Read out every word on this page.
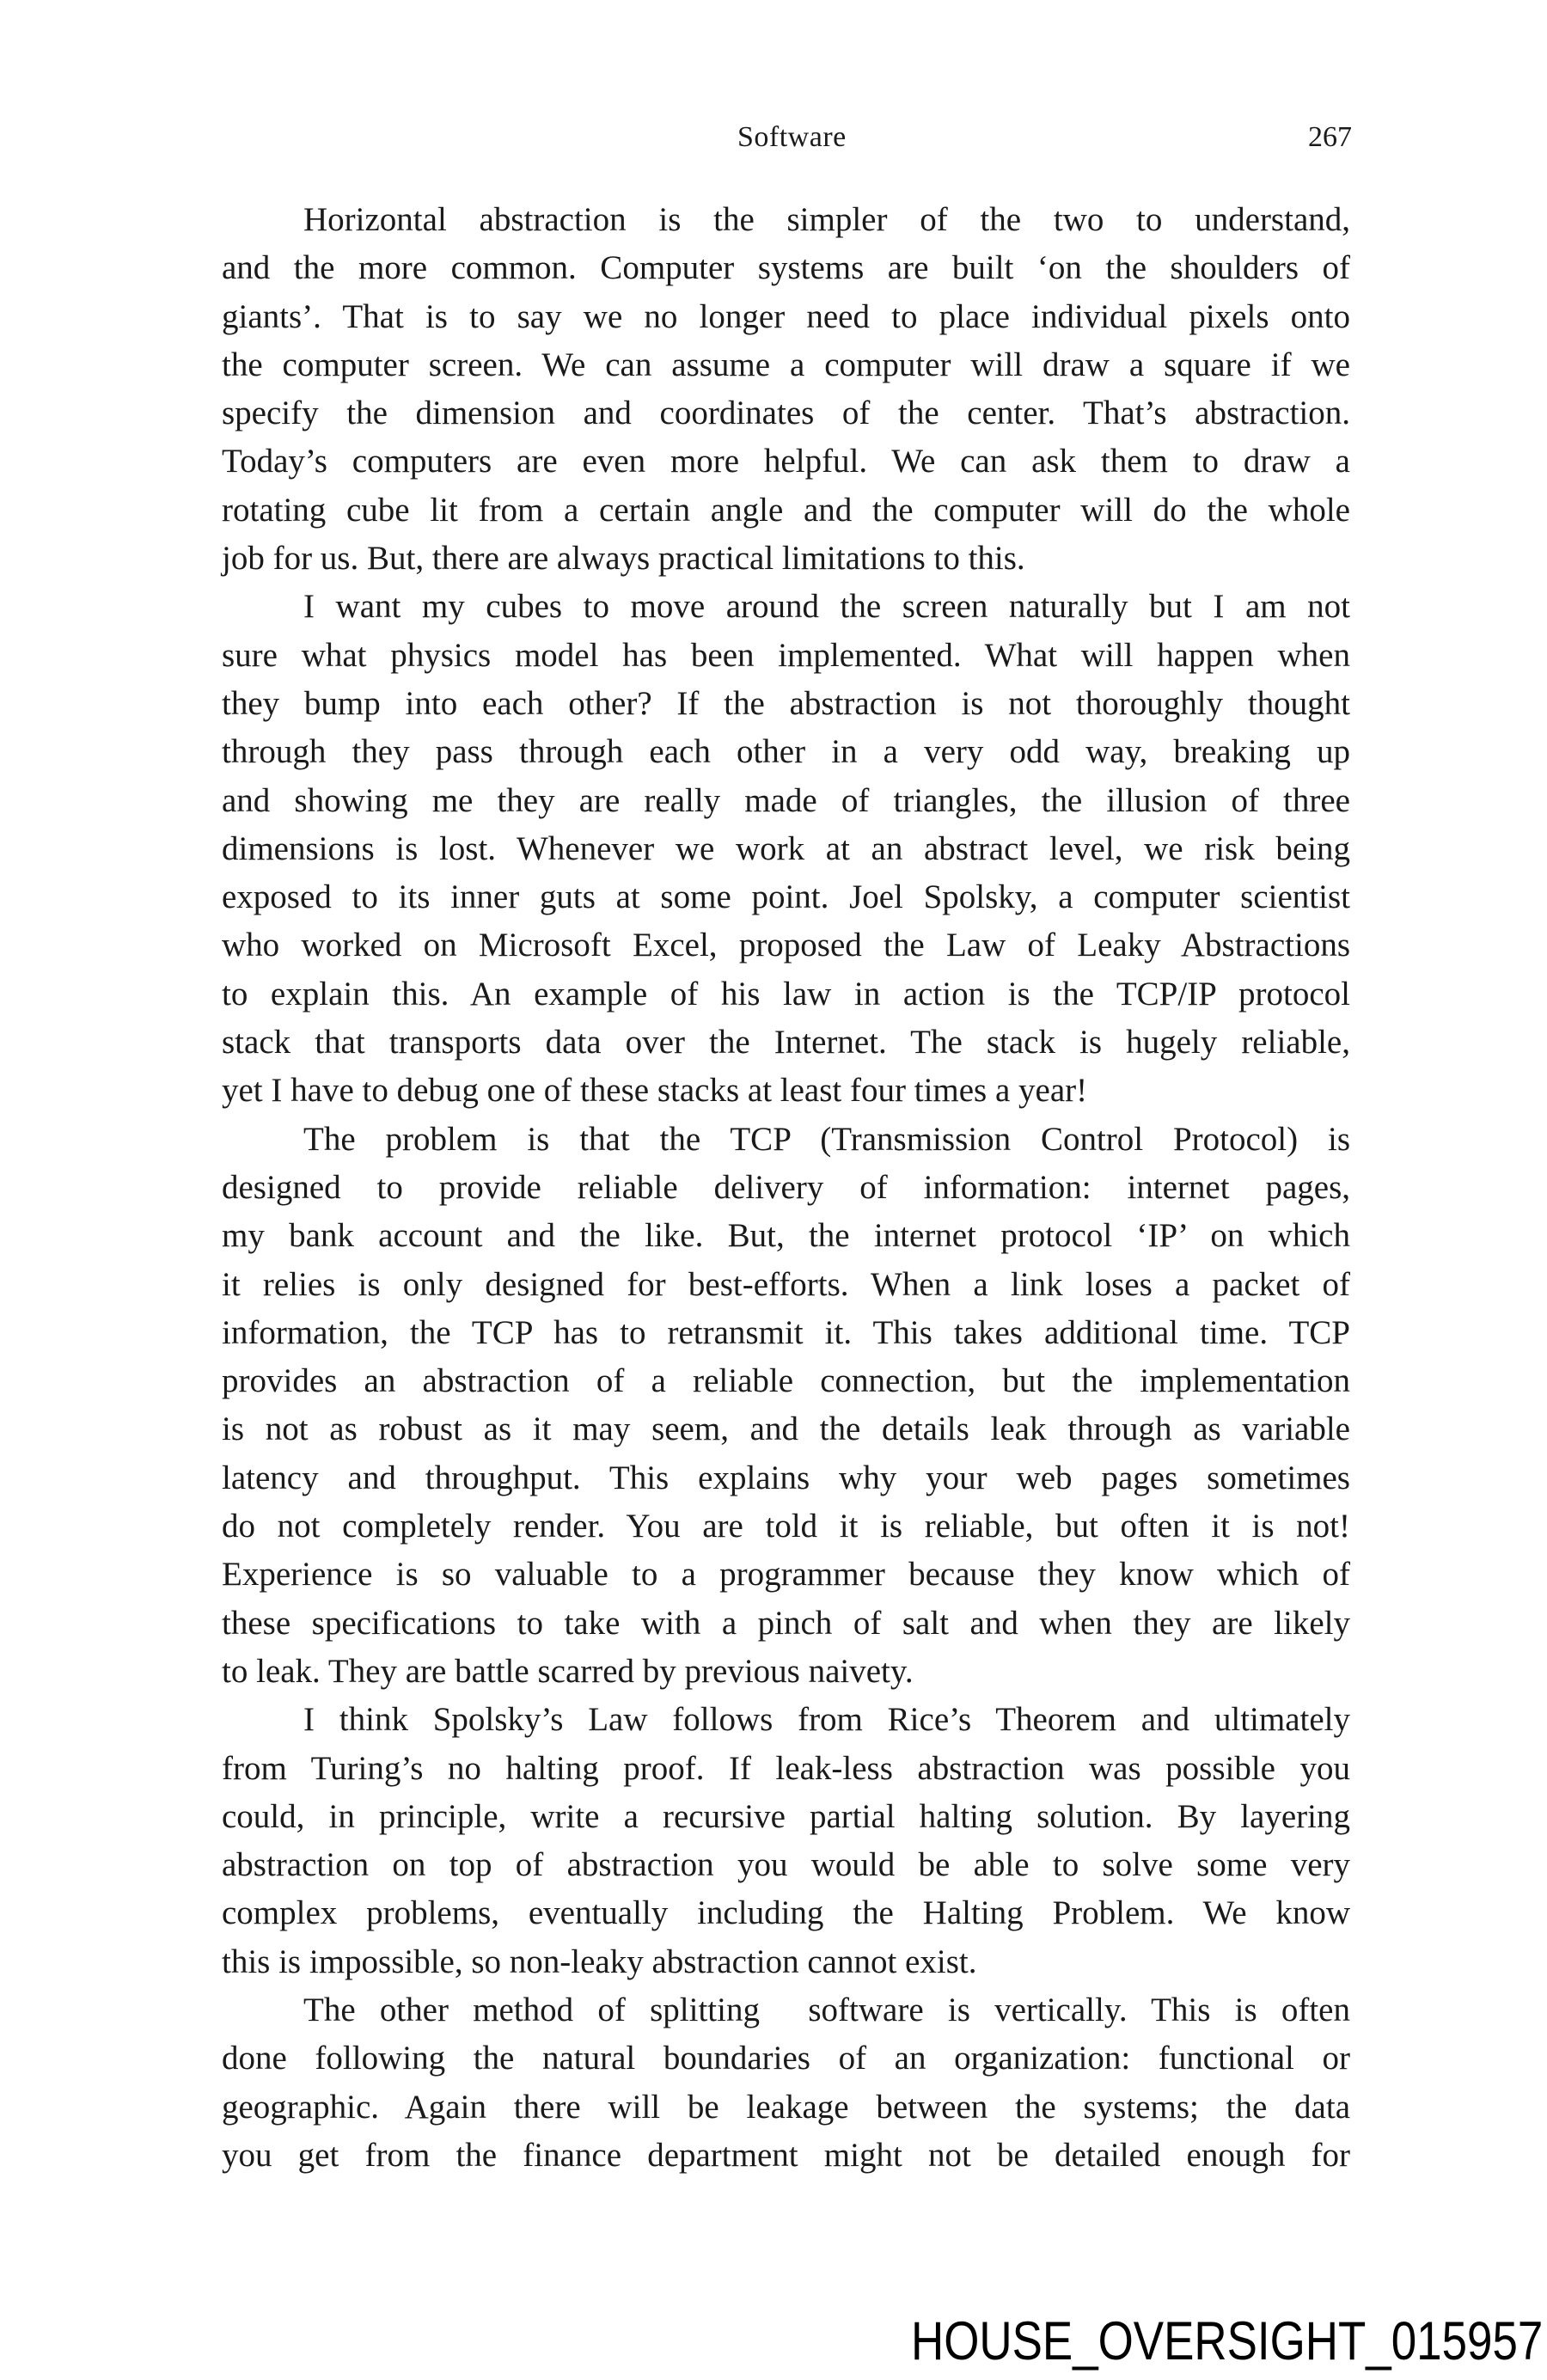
Software	267
Horizontal abstraction is the simpler of the two to understand,
and the more common. Computer systems are built ‘on the shoulders of
giants’. That is to say we no longer need to place individual pixels onto
the computer screen. We can assume a computer will draw a square if we
specify the dimension and coordinates of the center. That’s abstraction.
Today’s computers are even more helpful. We can ask them to draw a
rotating cube lit from a certain angle and the computer will do the whole
job for us. But, there are always practical limitations to this.
I want my cubes to move around the screen naturally but I am not
sure what physics model has been implemented. What will happen when
they bump into each other? If the abstraction is not thoroughly thought
through they pass through each other in a very odd way, breaking up
and showing me they are really made of triangles, the illusion of three
dimensions is lost. Whenever we work at an abstract level, we risk being
exposed to its inner guts at some point. Joel Spolsky, a computer scientist
who worked on Microsoft Excel, proposed the Law of Leaky Abstractions
to explain this. An example of his law in action is the TCP/IP protocol
stack that transports data over the Internet. The stack is hugely reliable,
yet I have to debug one of these stacks at least four times a year!
The problem is that the TCP (Transmission Control Protocol) is
designed to provide reliable delivery of information: internet pages,
my bank account and the like. But, the internet protocol ‘IP’ on which
it relies is only designed for best-efforts. When a link loses a packet of
information, the TCP has to retransmit it. This takes additional time. TCP
provides an abstraction of a reliable connection, but the implementation
is not as robust as it may seem, and the details leak through as variable
latency and throughput. This explains why your web pages sometimes
do not completely render. You are told it is reliable, but often it is not!
Experience is so valuable to a programmer because they know which of
these specifications to take with a pinch of salt and when they are likely
to leak. They are battle scarred by previous naivety.
I think Spolsky’s Law follows from Rice’s Theorem and ultimately
from Turing’s no halting proof. If leak-less abstraction was possible you
could, in principle, write a recursive partial halting solution. By layering
abstraction on top of abstraction you would be able to solve some very
complex problems, eventually including the Halting Problem. We know
this is impossible, so non-leaky abstraction cannot exist.
The other method of splitting  software is vertically. This is often
done following the natural boundaries of an organization: functional or
geographic. Again there will be leakage between the systems; the data
you get from the finance department might not be detailed enough for
HOUSE_OVERSIGHT_015957
